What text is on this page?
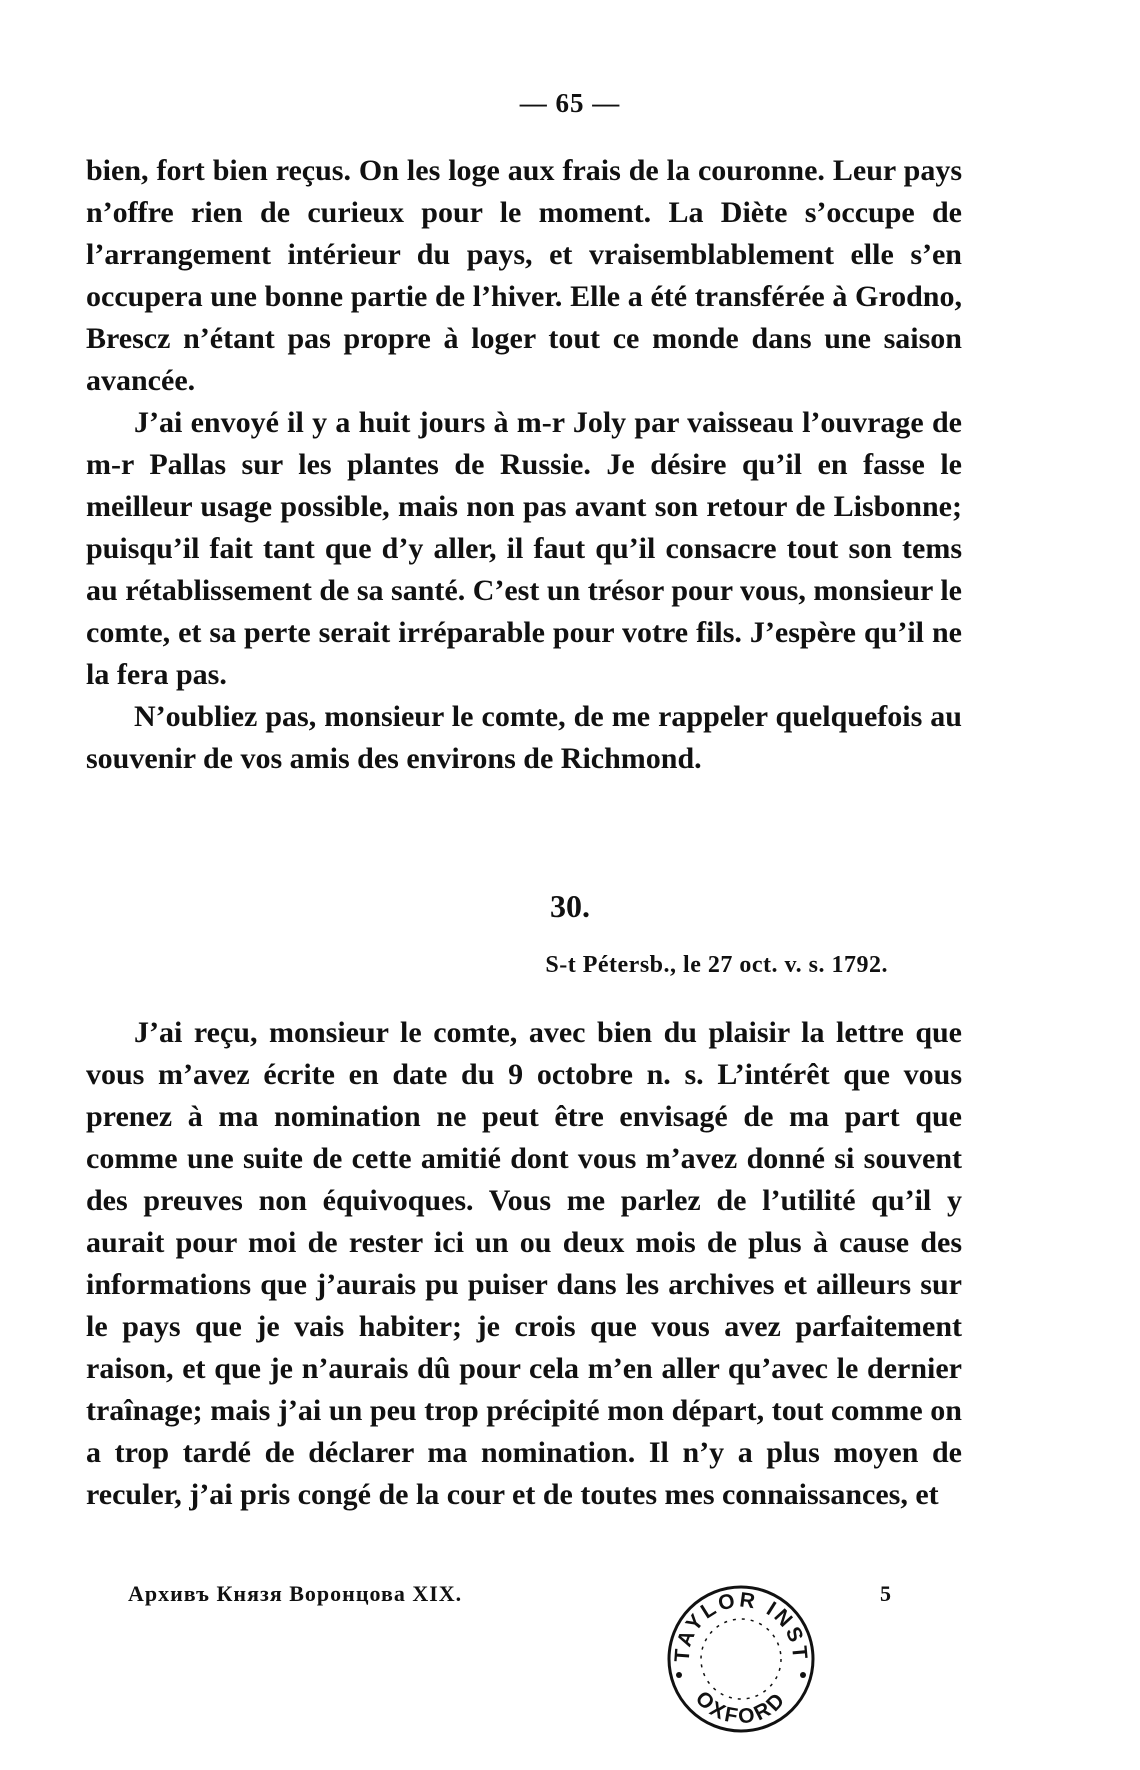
— 65 —

bien, fort bien reçus. On les loge aux frais de la couronne. Leur pays n’offre rien de curieux pour le moment. La Diète s’occupe de l’arrangement intérieur du pays, et vraisemblablement elle s’en occupera une bonne partie de l’hiver. Elle a été transférée à Grodno, Brescz n’étant pas propre à loger tout ce monde dans une saison avancée.

J’ai envoyé il y a huit jours à m-r Joly par vaisseau l’ouvrage de m-r Pallas sur les plantes de Russie. Je désire qu’il en fasse le meilleur usage possible, mais non pas avant son retour de Lisbonne; puisqu’il fait tant que d’y aller, il faut qu’il consacre tout son tems au rétablissement de sa santé. C’est un trésor pour vous, monsieur le comte, et sa perte serait irréparable pour votre fils. J’espère qu’il ne la fera pas.

N’oubliez pas, monsieur le comte, de me rappeler quelquefois au souvenir de vos amis des environs de Richmond.

30.
S-t Pétersb., le 27 oct. v. s. 1792.

J’ai reçu, monsieur le comte, avec bien du plaisir la lettre que vous m’avez écrite en date du 9 octobre n. s. L’intérêt que vous prenez à ma nomination ne peut être envisagé de ma part que comme une suite de cette amitié dont vous m’avez donné si souvent des preuves non équivoques. Vous me parlez de l’utilité qu’il y aurait pour moi de rester ici un ou deux mois de plus à cause des informations que j’aurais pu puiser dans les archives et ailleurs sur le pays que je vais habiter; je crois que vous avez parfaitement raison, et que je n’aurais dû pour cela m’en aller qu’avec le dernier traînage; mais j’ai un peu trop précipité mon départ, tout comme on a trop tardé de déclarer ma nomination. Il n’y a plus moyen de reculer, j’ai pris congé de la cour et de toutes mes connaissances, et

Архивъ Князя Воронцова XIX.	5
TAYLOR INST
OXFORD
